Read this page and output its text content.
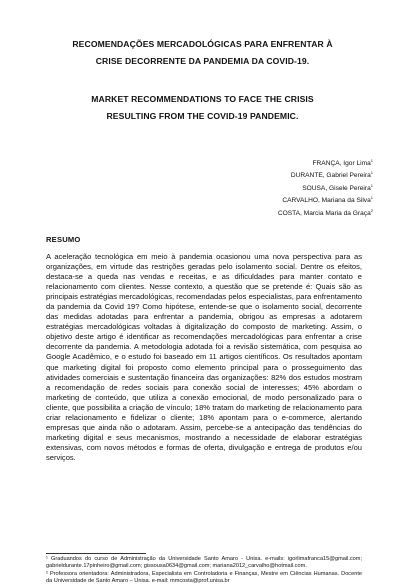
RECOMENDAÇÕES MERCADOLÓGICAS PARA ENFRENTAR À
CRISE DECORRENTE DA PANDEMIA DA COVID-19.
MARKET RECOMMENDATIONS TO FACE THE CRISIS
RESULTING FROM THE COVID-19 PANDEMIC.
FRANÇA, Igor Lima$^1$
DURANTE, Gabriel Pereira$^1$
SOUSA, Gisele Pereira$^1$
CARVALHO, Mariana da Silva$^1$
COSTA, Marcia Maria da Graça$^2$
RESUMO

A aceleração tecnológica em meio à pandemia ocasionou uma nova perspectiva para as organizações, em virtude das restrições geradas pelo isolamento social. Dentre os efeitos, destaca-se a queda nas vendas e receitas, e as dificuldades para manter contato e relacionamento com clientes. Nesse contexto, a questão que se pretende é: Quais são as principais estratégias mercadológicas, recomendadas pelos especialistas, para enfrentamento da pandemia da Covid 19? Como hipótese, entende-se que o isolamento social, decorrente das medidas adotadas para enfrentar a pandemia, obrigou as empresas a adotarem estratégias mercadológicas voltadas à digitalização do composto de marketing. Assim, o objetivo deste artigo é identificar as recomendações mercadológicas para enfrentar a crise decorrente da pandemia. A metodologia adotada foi a revisão sistemática, com pesquisa ao Google Acadêmico, e o estudo foi baseado em 11 artigos científicos. Os resultados apontam que marketing digital foi proposto como elemento principal para o prosseguimento das atividades comerciais e sustentação financeira das organizações: 82% dos estudos mostram a recomendação de redes sociais para conexão social de interesses; 45% abordam o marketing de conteúdo, que utiliza a conexão emocional, de modo personalizado para o cliente, que possibilita a criação de vínculo; 18% tratam do marketing de relacionamento para criar relacionamento e fidelizar o cliente; 18% apontam para o e-commerce, alertando empresas que ainda não o adotaram. Assim, percebe-se a antecipação das tendências do marketing digital e seus mecanismos, mostrando a necessidade de elaborar estratégias extensivas, com novos métodos e formas de oferta, divulgação e entrega de produtos e/ou serviços.

¹ Graduandos do curso de Administração da Universidade Santo Amaro - Unisa. e-mails: igorlimafranca15@gmail.com; gabrieldurante.17pinheiro@gmail.com; gissousa0634@gmail.com; mariana2012_carvalho@hotmail.com.

² Professora orientadora: Administradora, Especialista em Controladoria e Finanças, Mestre em Ciências Humanas. Docente da Universidade de Santo Amaro – Unisa. e-mail: mmcosta@prof.unisa.br
